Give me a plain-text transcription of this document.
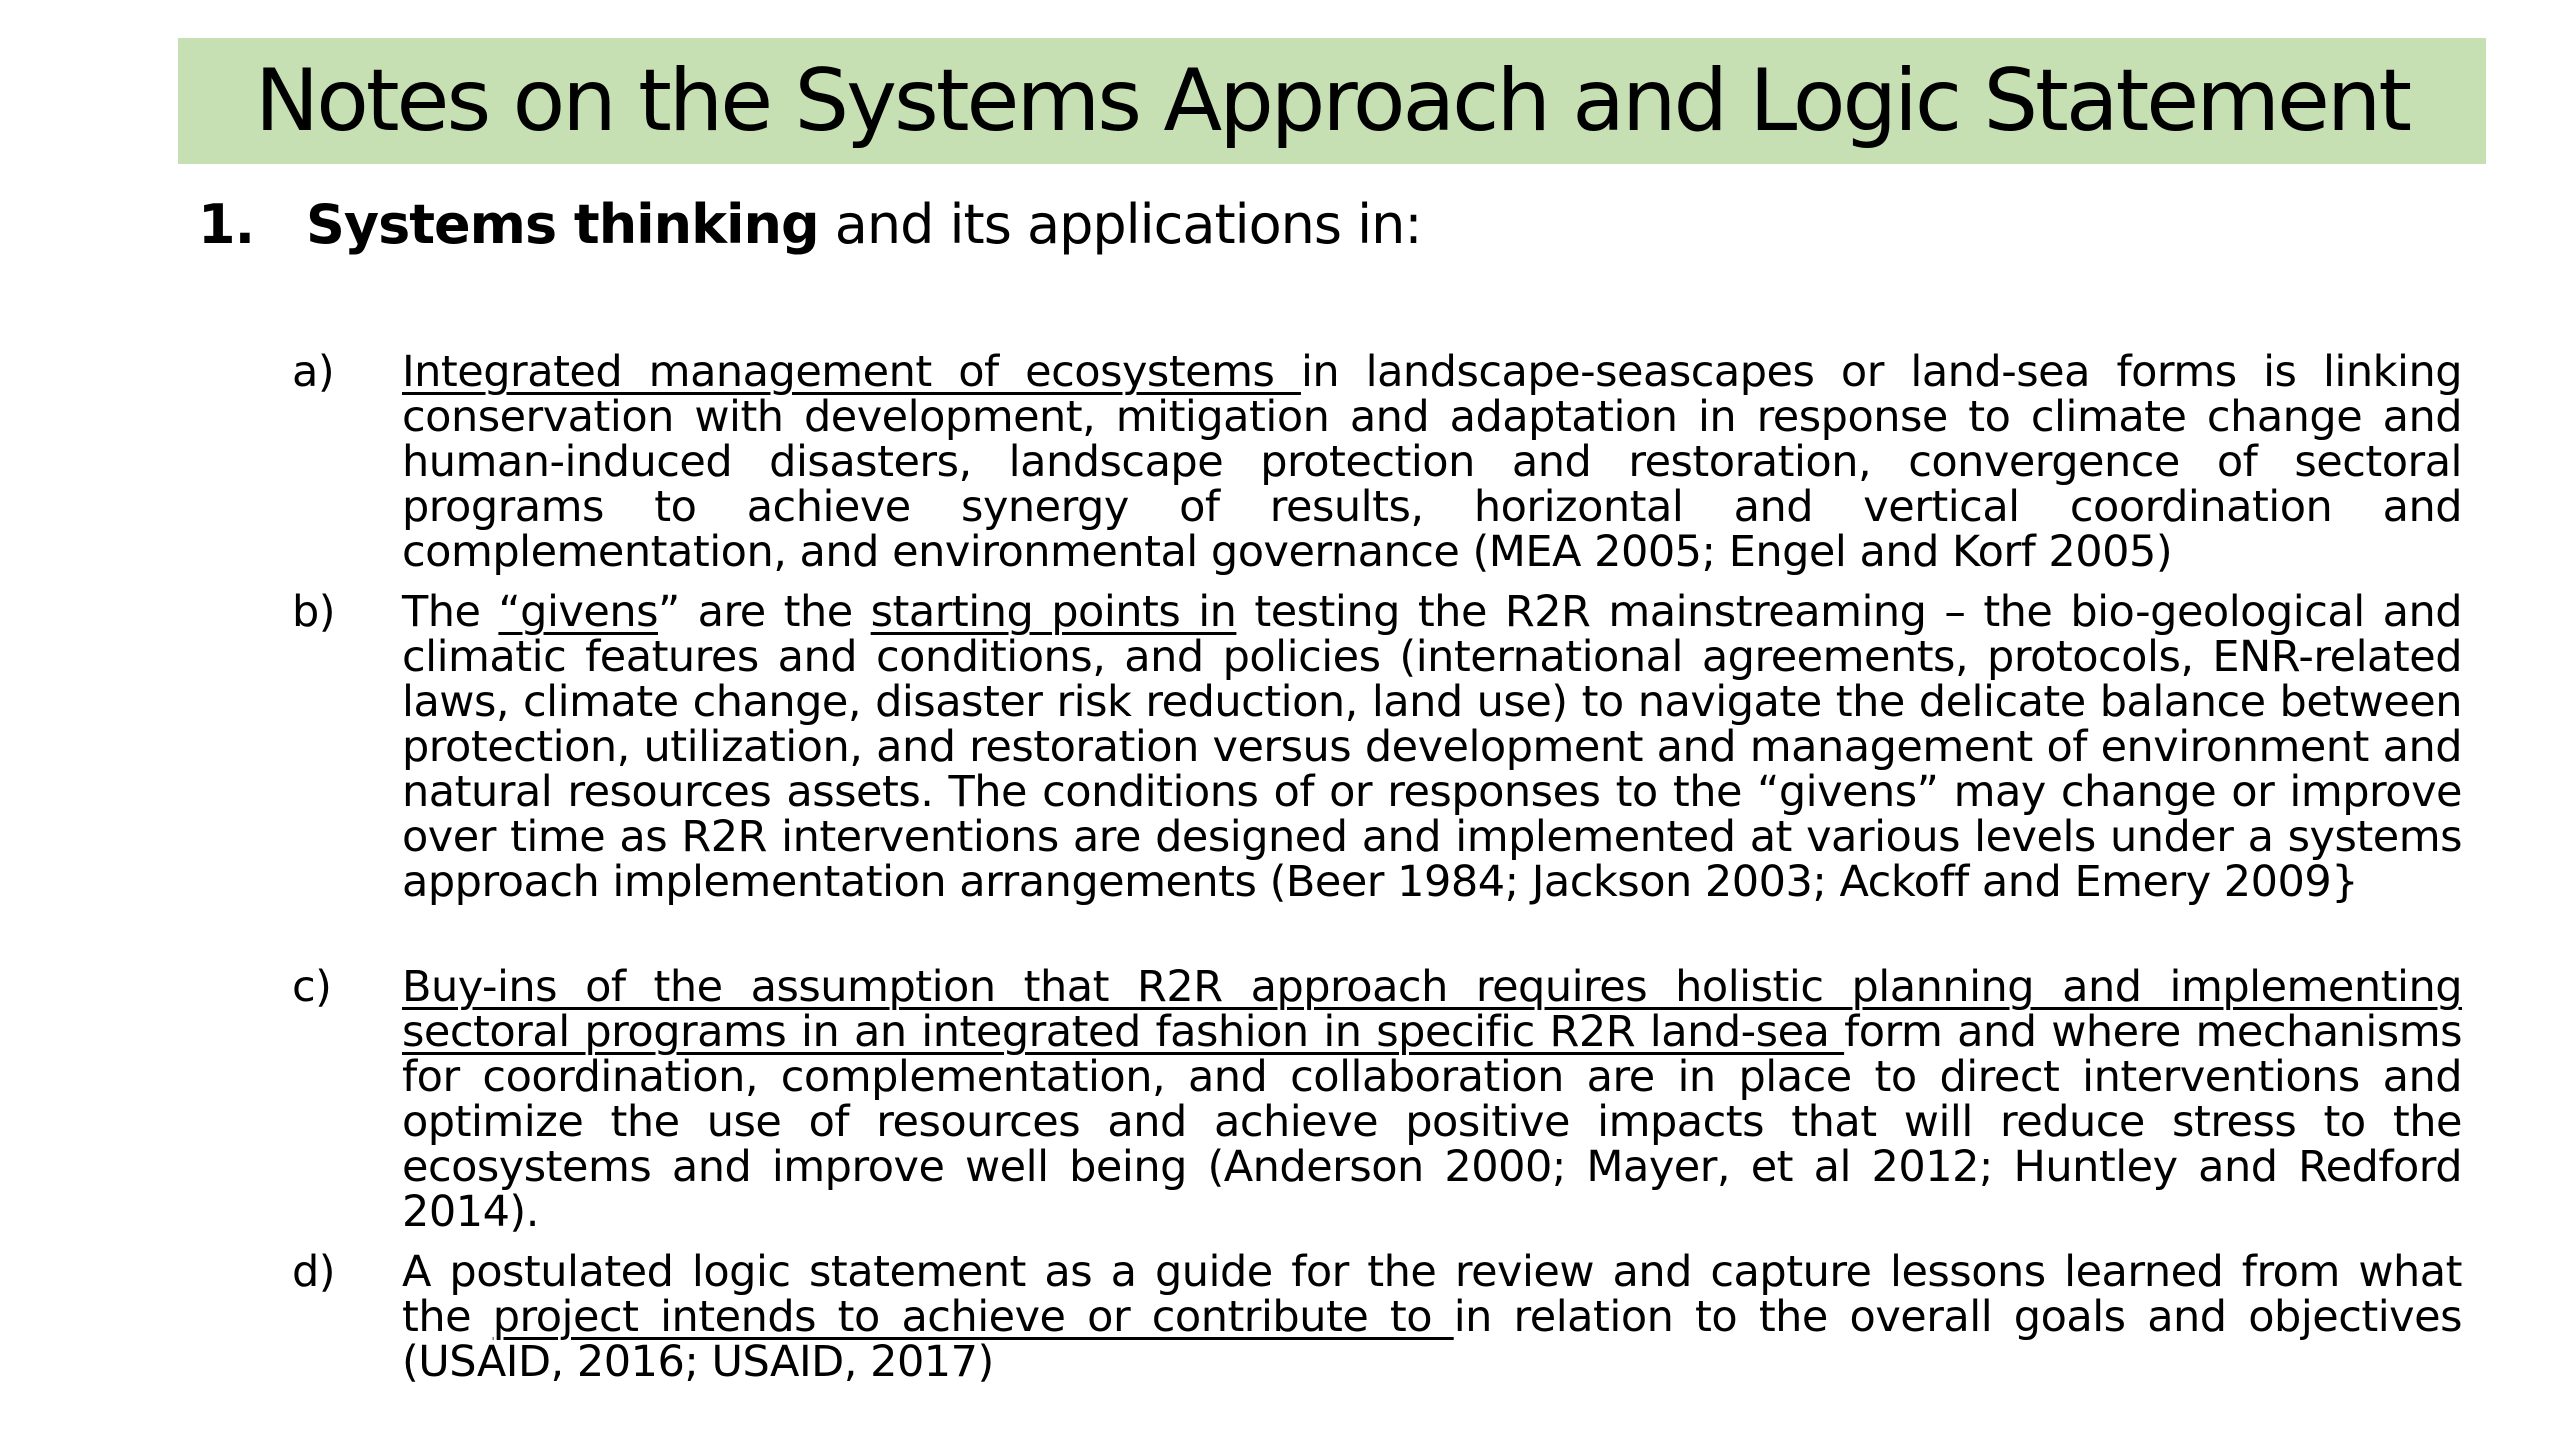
Notes on the Systems Approach and Logic Statement
1. Systems thinking and its applications in:
a)	Integrated management of ecosystems in landscape-seascapes or land-sea forms is linking conservation with development, mitigation and adaptation in response to climate change and human-induced disasters, landscape protection and restoration, convergence of sectoral programs to achieve synergy of results, horizontal and vertical coordination and complementation, and environmental governance (MEA 2005; Engel and Korf 2005)
b)	The “givens” are the starting points in testing the R2R mainstreaming – the bio-geological and climatic features and conditions, and policies (international agreements, protocols, ENR-related laws, climate change, disaster risk reduction, land use) to navigate the delicate balance between protection, utilization, and restoration versus development and management of environment and natural resources assets. The conditions of or responses to the “givens” may change or improve over time as R2R interventions are designed and implemented at various levels under a systems approach implementation arrangements (Beer 1984; Jackson 2003; Ackoff and Emery 2009}
c)	Buy-ins of the assumption that R2R approach requires holistic planning and implementing sectoral programs in an integrated fashion in specific R2R land-sea form and where mechanisms for coordination, complementation, and collaboration are in place to direct interventions and optimize the use of resources and achieve positive impacts that will reduce stress to the ecosystems and improve well being (Anderson 2000; Mayer, et al 2012; Huntley and Redford 2014).
d)	A postulated logic statement as a guide for the review and capture lessons learned from what the project intends to achieve or contribute to in relation to the overall goals and objectives (USAID, 2016; USAID, 2017)
